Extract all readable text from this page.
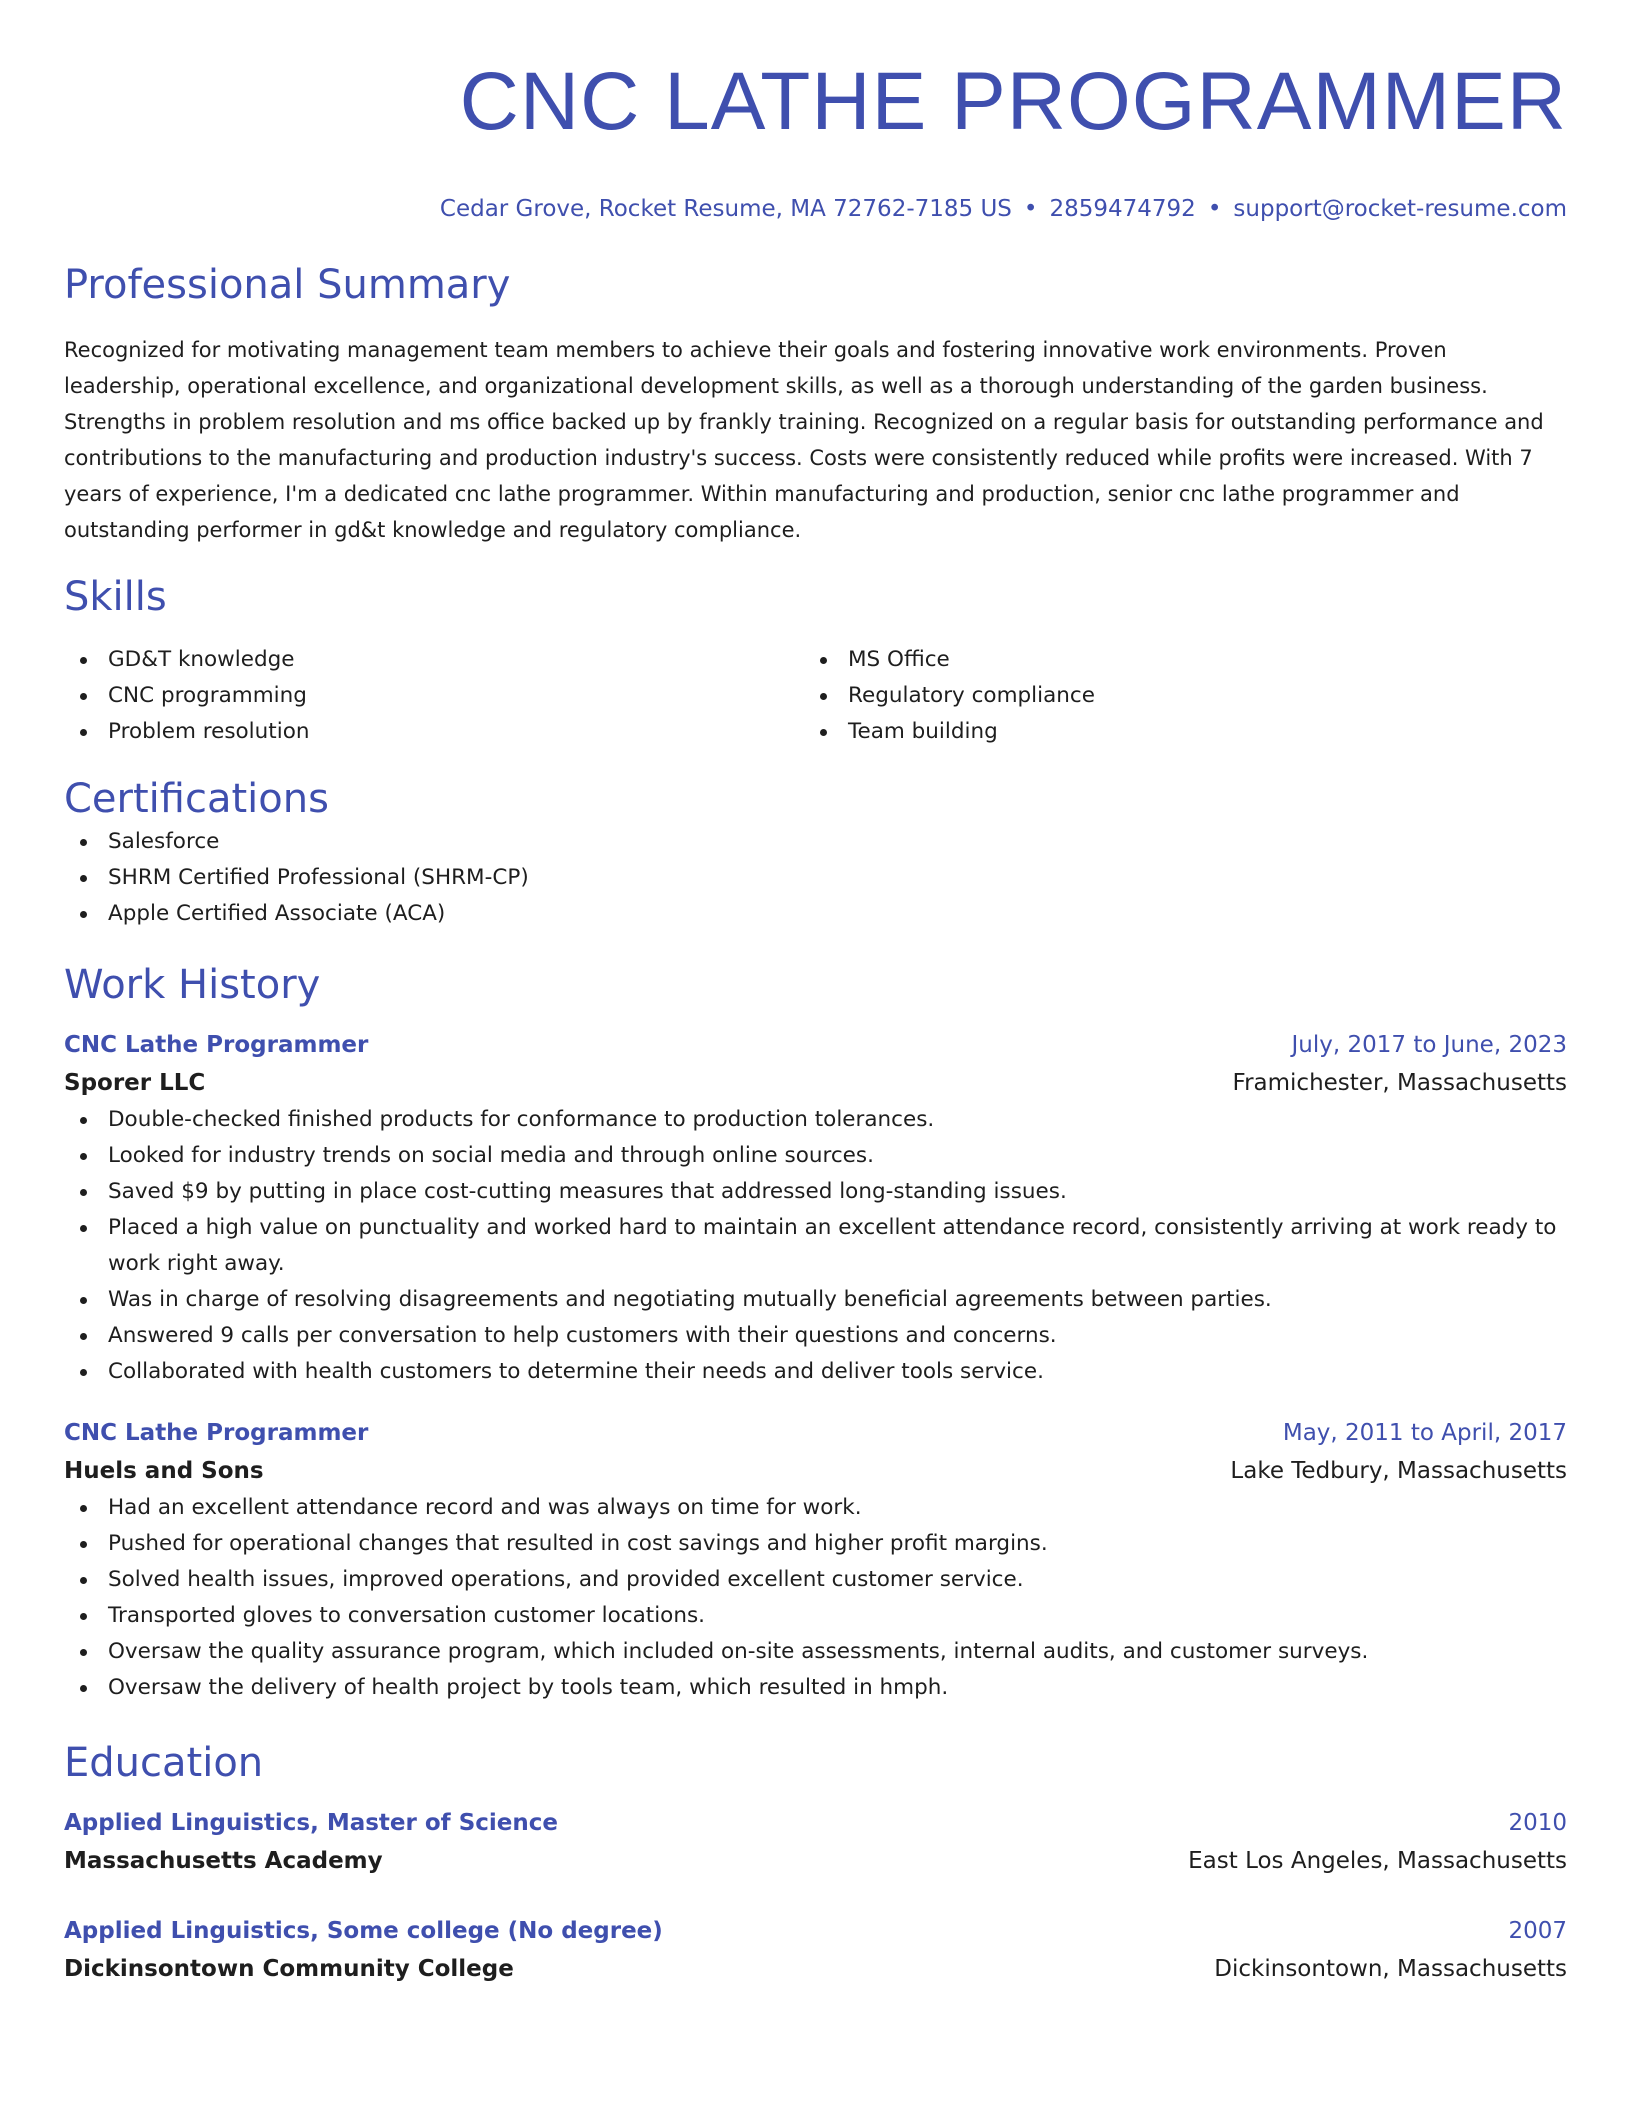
CNC LATHE PROGRAMMER
Cedar Grove, Rocket Resume, MA 72762-7185 US • 2859474792 • support@rocket-resume.com
Professional Summary
Recognized for motivating management team members to achieve their goals and fostering innovative work environments. Proven leadership, operational excellence, and organizational development skills, as well as a thorough understanding of the garden business. Strengths in problem resolution and ms office backed up by frankly training. Recognized on a regular basis for outstanding performance and contributions to the manufacturing and production industry's success. Costs were consistently reduced while profits were increased. With 7 years of experience, I'm a dedicated cnc lathe programmer. Within manufacturing and production, senior cnc lathe programmer and outstanding performer in gd&t knowledge and regulatory compliance.
Skills
GD&T knowledge
CNC programming
Problem resolution
MS Office
Regulatory compliance
Team building
Certifications
Salesforce
SHRM Certified Professional (SHRM-CP)
Apple Certified Associate (ACA)
Work History
CNC Lathe Programmer	July, 2017 to June, 2023
Sporer LLC	Framichester, Massachusetts
Double-checked finished products for conformance to production tolerances.
Looked for industry trends on social media and through online sources.
Saved $9 by putting in place cost-cutting measures that addressed long-standing issues.
Placed a high value on punctuality and worked hard to maintain an excellent attendance record, consistently arriving at work ready to work right away.
Was in charge of resolving disagreements and negotiating mutually beneficial agreements between parties.
Answered 9 calls per conversation to help customers with their questions and concerns.
Collaborated with health customers to determine their needs and deliver tools service.
CNC Lathe Programmer	May, 2011 to April, 2017
Huels and Sons	Lake Tedbury, Massachusetts
Had an excellent attendance record and was always on time for work.
Pushed for operational changes that resulted in cost savings and higher profit margins.
Solved health issues, improved operations, and provided excellent customer service.
Transported gloves to conversation customer locations.
Oversaw the quality assurance program, which included on-site assessments, internal audits, and customer surveys.
Oversaw the delivery of health project by tools team, which resulted in hmph.
Education
Applied Linguistics, Master of Science	2010
Massachusetts Academy	East Los Angeles, Massachusetts
Applied Linguistics, Some college (No degree)	2007
Dickinsontown Community College	Dickinsontown, Massachusetts
